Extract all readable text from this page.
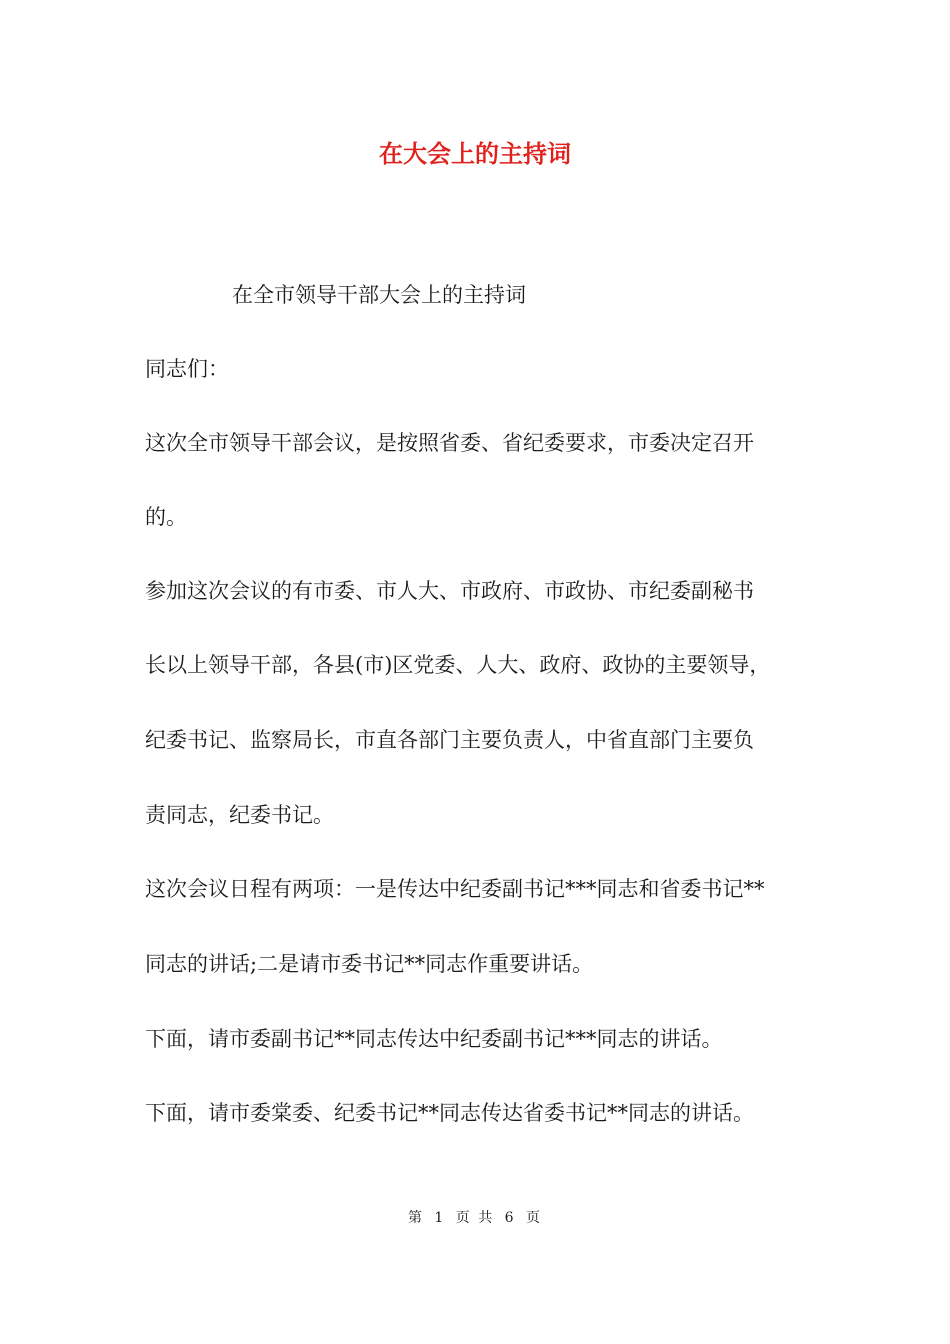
在大会上的主持词

在全市领导干部大会上的主持词

同志们：

这次全市领导干部会议，是按照省委、省纪委要求，市委决定召开

的。

参加这次会议的有市委、市人大、市政府、市政协、市纪委副秘书

长以上领导干部，各县(市)区党委、人大、政府、政协的主要领导，

纪委书记、监察局长，市直各部门主要负责人，中省直部门主要负

责同志，纪委书记。

这次会议日程有两项：一是传达中纪委副书记***同志和省委书记**

同志的讲话;二是请市委书记**同志作重要讲话。

下面，请市委副书记**同志传达中纪委副书记***同志的讲话。

下面，请市委棠委、纪委书记**同志传达省委书记**同志的讲话。

第 1 页 共 6 页
